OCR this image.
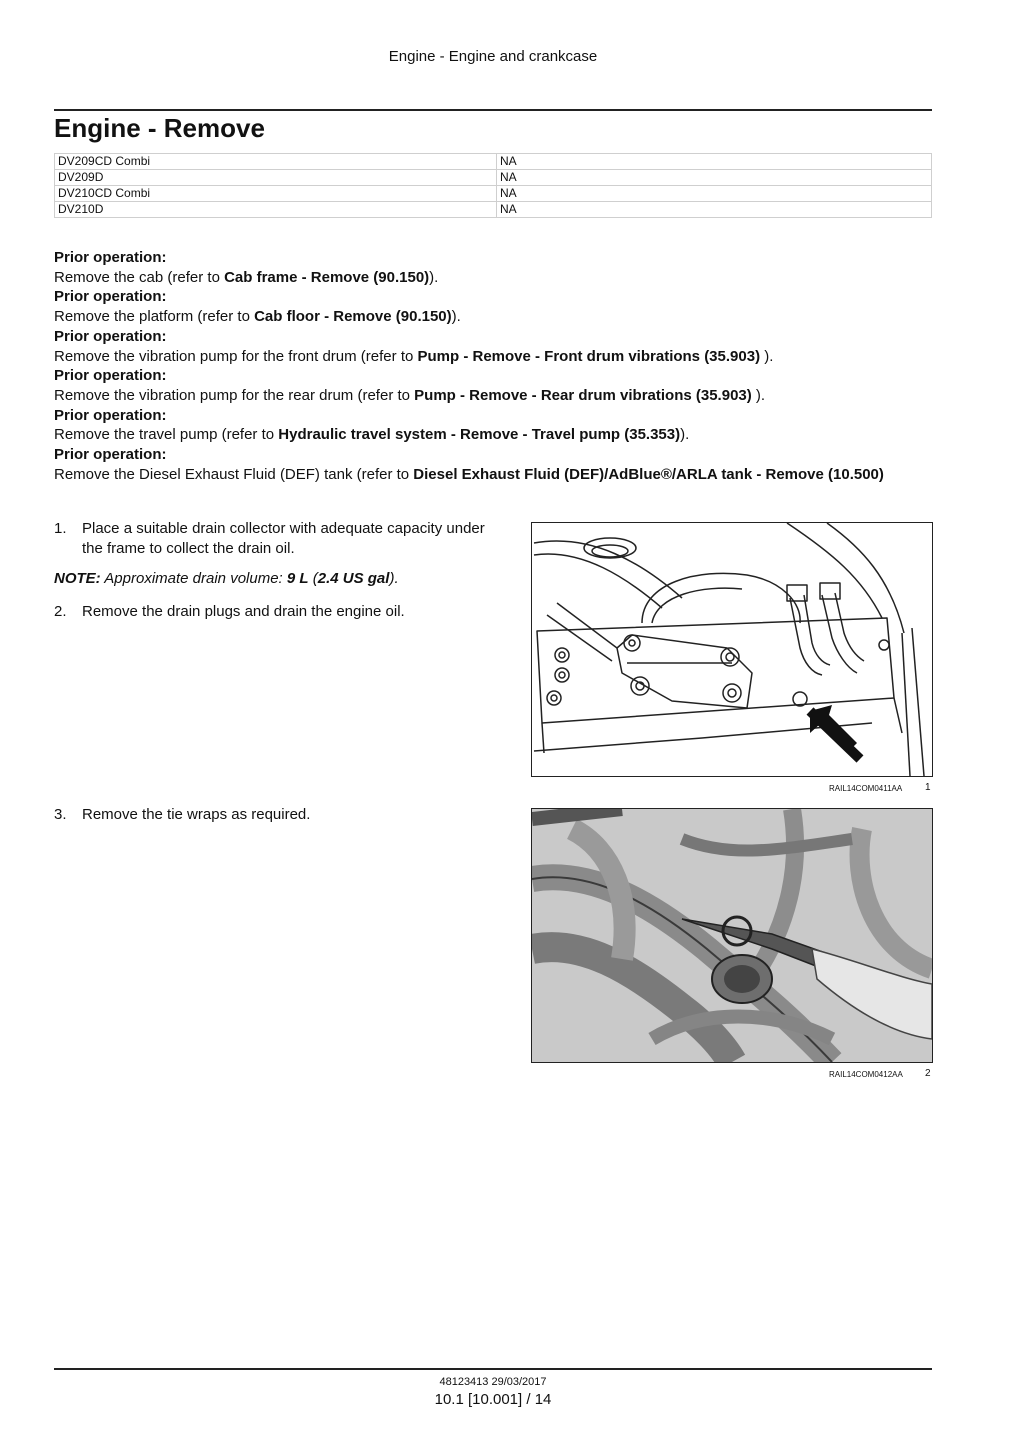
Engine - Engine and crankcase
Engine - Remove
DV209CD Combi	NA
DV209D	NA
DV210CD Combi	NA
DV210D	NA
Prior operation:
Remove the cab (refer to Cab frame - Remove (90.150)).
Prior operation:
Remove the platform (refer to Cab floor - Remove (90.150)).
Prior operation:
Remove the vibration pump for the front drum (refer to Pump - Remove - Front drum vibrations (35.903) ).
Prior operation:
Remove the vibration pump for the rear drum (refer to Pump - Remove - Rear drum vibrations (35.903) ).
Prior operation:
Remove the travel pump (refer to Hydraulic travel system - Remove - Travel pump (35.353)).
Prior operation:
Remove the Diesel Exhaust Fluid (DEF) tank (refer to Diesel Exhaust Fluid (DEF)/AdBlue®/ARLA tank - Remove (10.500)
1. Place a suitable drain collector with adequate capacity under the frame to collect the drain oil.
NOTE: Approximate drain volume: 9 L (2.4 US gal).
2. Remove the drain plugs and drain the engine oil.
3. Remove the tie wraps as required.
RAIL14COM0411AA 1
RAIL14COM0412AA 2
48123413 29/03/2017
10.1 [10.001] / 14
